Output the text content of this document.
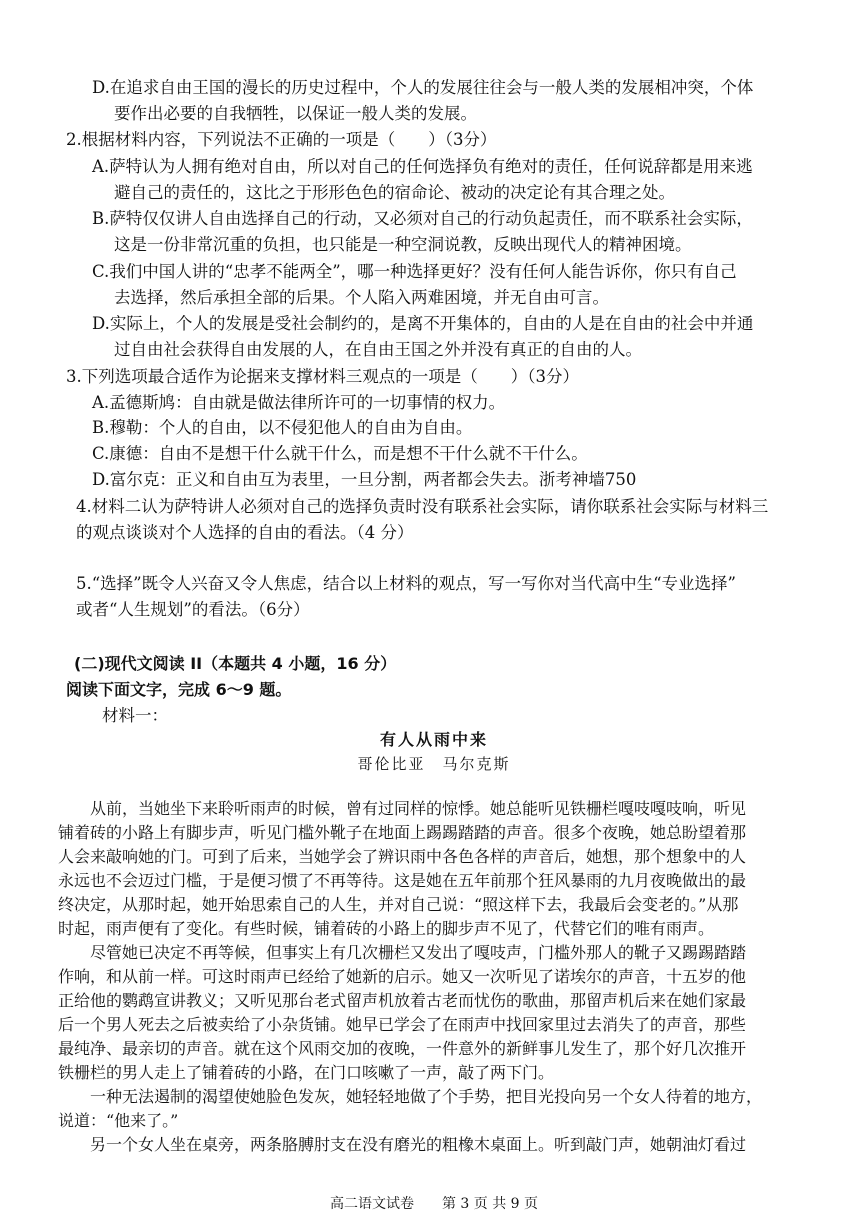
D.在追求自由王国的漫长的历史过程中，个人的发展往往会与一般人类的发展相冲突，个体
要作出必要的自我牺牲，以保证一般人类的发展。
2.根据材料内容，下列说法不正确的一项是（　　）（3分）
A.萨特认为人拥有绝对自由，所以对自己的任何选择负有绝对的责任，任何说辞都是用来逃
避自己的责任的，这比之于形形色色的宿命论、被动的决定论有其合理之处。
B.萨特仅仅讲人自由选择自己的行动，又必须对自己的行动负起责任，而不联系社会实际，
这是一份非常沉重的负担，也只能是一种空洞说教，反映出现代人的精神困境。
C.我们中国人讲的“忠孝不能两全”，哪一种选择更好？没有任何人能告诉你，你只有自己
去选择，然后承担全部的后果。个人陷入两难困境，并无自由可言。
D.实际上，个人的发展是受社会制约的，是离不开集体的，自由的人是在自由的社会中并通
过自由社会获得自由发展的人，在自由王国之外并没有真正的自由的人。
3.下列选项最合适作为论据来支撑材料三观点的一项是（　　）（3分）
A.孟德斯鸠：自由就是做法律所许可的一切事情的权力。
B.穆勒：个人的自由，以不侵犯他人的自由为自由。
C.康德：自由不是想干什么就干什么，而是想不干什么就不干什么。
D.富尔克：正义和自由互为表里，一旦分割，两者都会失去。浙考神墙750
4.材料二认为萨特讲人必须对自己的选择负责时没有联系社会实际，请你联系社会实际与材料三
的观点谈谈对个人选择的自由的看法。（4 分）
5.“选择”既令人兴奋又令人焦虑，结合以上材料的观点，写一写你对当代高中生“专业选择”
或者“人生规划”的看法。（6分）
(二)现代文阅读 II（本题共 4 小题，16 分）
阅读下面文字，完成 6～9 题。
材料一：
有人从雨中来
哥伦比亚　马尔克斯
从前，当她坐下来聆听雨声的时候，曾有过同样的惊悸。她总能听见铁栅栏嘎吱嘎吱响，听见
铺着砖的小路上有脚步声，听见门槛外靴子在地面上踢踢踏踏的声音。很多个夜晚，她总盼望着那
人会来敲响她的门。可到了后来，当她学会了辨识雨中各色各样的声音后，她想，那个想象中的人
永远也不会迈过门槛，于是便习惯了不再等待。这是她在五年前那个狂风暴雨的九月夜晚做出的最
终决定，从那时起，她开始思索自己的人生，并对自己说：“照这样下去，我最后会变老的。”从那
时起，雨声便有了变化。有些时候，铺着砖的小路上的脚步声不见了，代替它们的唯有雨声。
尽管她已决定不再等候，但事实上有几次栅栏又发出了嘎吱声，门槛外那人的靴子又踢踢踏踏
作响，和从前一样。可这时雨声已经给了她新的启示。她又一次听见了诺埃尔的声音，十五岁的他
正给他的鹦鹉宣讲教义；又听见那台老式留声机放着古老而忧伤的歌曲，那留声机后来在她们家最
后一个男人死去之后被卖给了小杂货铺。她早已学会了在雨声中找回家里过去消失了的声音，那些
最纯净、最亲切的声音。就在这个风雨交加的夜晚，一件意外的新鲜事儿发生了，那个好几次推开
铁栅栏的男人走上了铺着砖的小路，在门口咳嗽了一声，敲了两下门。
一种无法遏制的渴望使她脸色发灰，她轻轻地做了个手势，把目光投向另一个女人待着的地方，
说道：“他来了。”
另一个女人坐在桌旁，两条胳膊肘支在没有磨光的粗橡木桌面上。听到敲门声，她朝油灯看过
高二语文试卷　　第 3 页 共 9 页
